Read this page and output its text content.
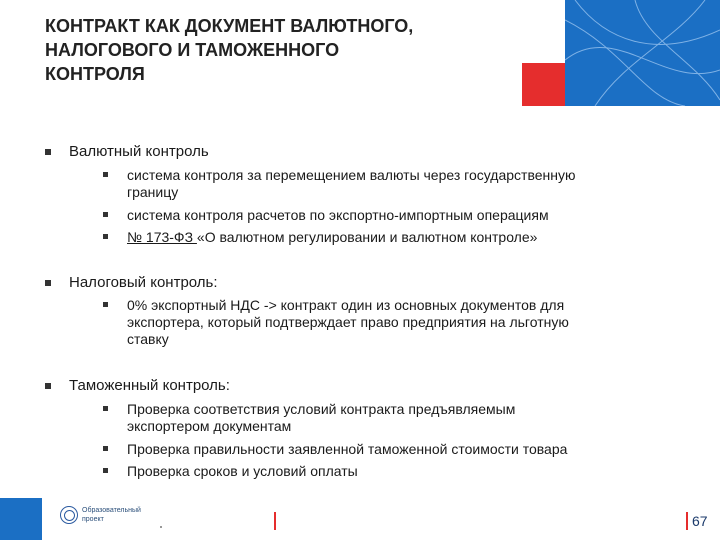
КОНТРАКТ КАК ДОКУМЕНТ ВАЛЮТНОГО,
НАЛОГОВОГО И ТАМОЖЕННОГО
КОНТРОЛЯ
Валютный контроль
система контроля за перемещением валюты через государственную
границу
система контроля расчетов по экспортно-импортным операциям
№ 173-ФЗ «О валютном регулировании и валютном контроле»
Налоговый контроль:
0% экспортный НДС -> контракт один из основных документов для
экспортера, который подтверждает право предприятия на льготную
ставку
Таможенный контроль:
Проверка соответствия условий контракта предъявляемым
экспортером документам
Проверка правильности заявленной таможенной стоимости товара
Проверка сроков и условий оплаты
Образовательный
проект	67
